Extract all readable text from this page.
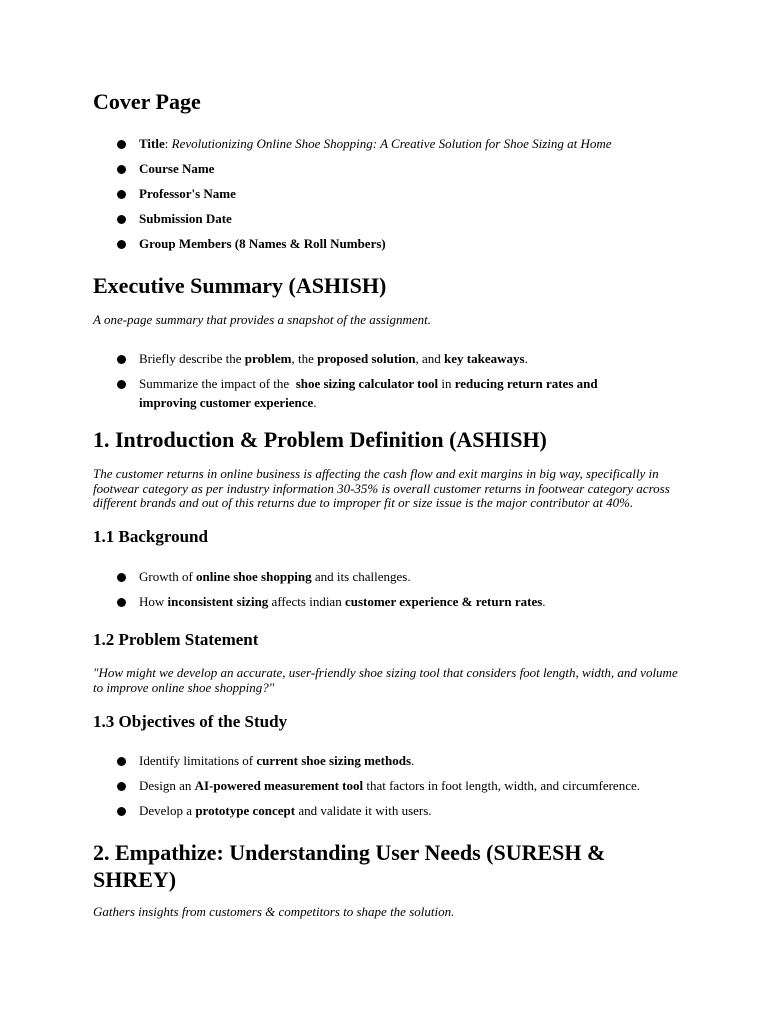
Cover Page
Title: Revolutionizing Online Shoe Shopping: A Creative Solution for Shoe Sizing at Home
Course Name
Professor's Name
Submission Date
Group Members (8 Names & Roll Numbers)
Executive Summary (ASHISH)
A one-page summary that provides a snapshot of the assignment.
Briefly describe the problem, the proposed solution, and key takeaways.
Summarize the impact of the  shoe sizing calculator tool in reducing return rates and improving customer experience.
1. Introduction & Problem Definition (ASHISH)
The customer returns in online business is affecting the cash flow and exit margins in big way, specifically in footwear category as per industry information 30-35% is overall customer returns in footwear category across different brands and out of this returns due to improper fit or size issue is the major contributor at 40%.
1.1 Background
Growth of online shoe shopping and its challenges.
How inconsistent sizing affects indian customer experience & return rates.
1.2 Problem Statement
"How might we develop an accurate, user-friendly shoe sizing tool that considers foot length, width, and volume to improve online shoe shopping?"
1.3 Objectives of the Study
Identify limitations of current shoe sizing methods.
Design an AI-powered measurement tool that factors in foot length, width, and circumference.
Develop a prototype concept and validate it with users.
2. Empathize: Understanding User Needs (SURESH & SHREY)
Gathers insights from customers & competitors to shape the solution.
